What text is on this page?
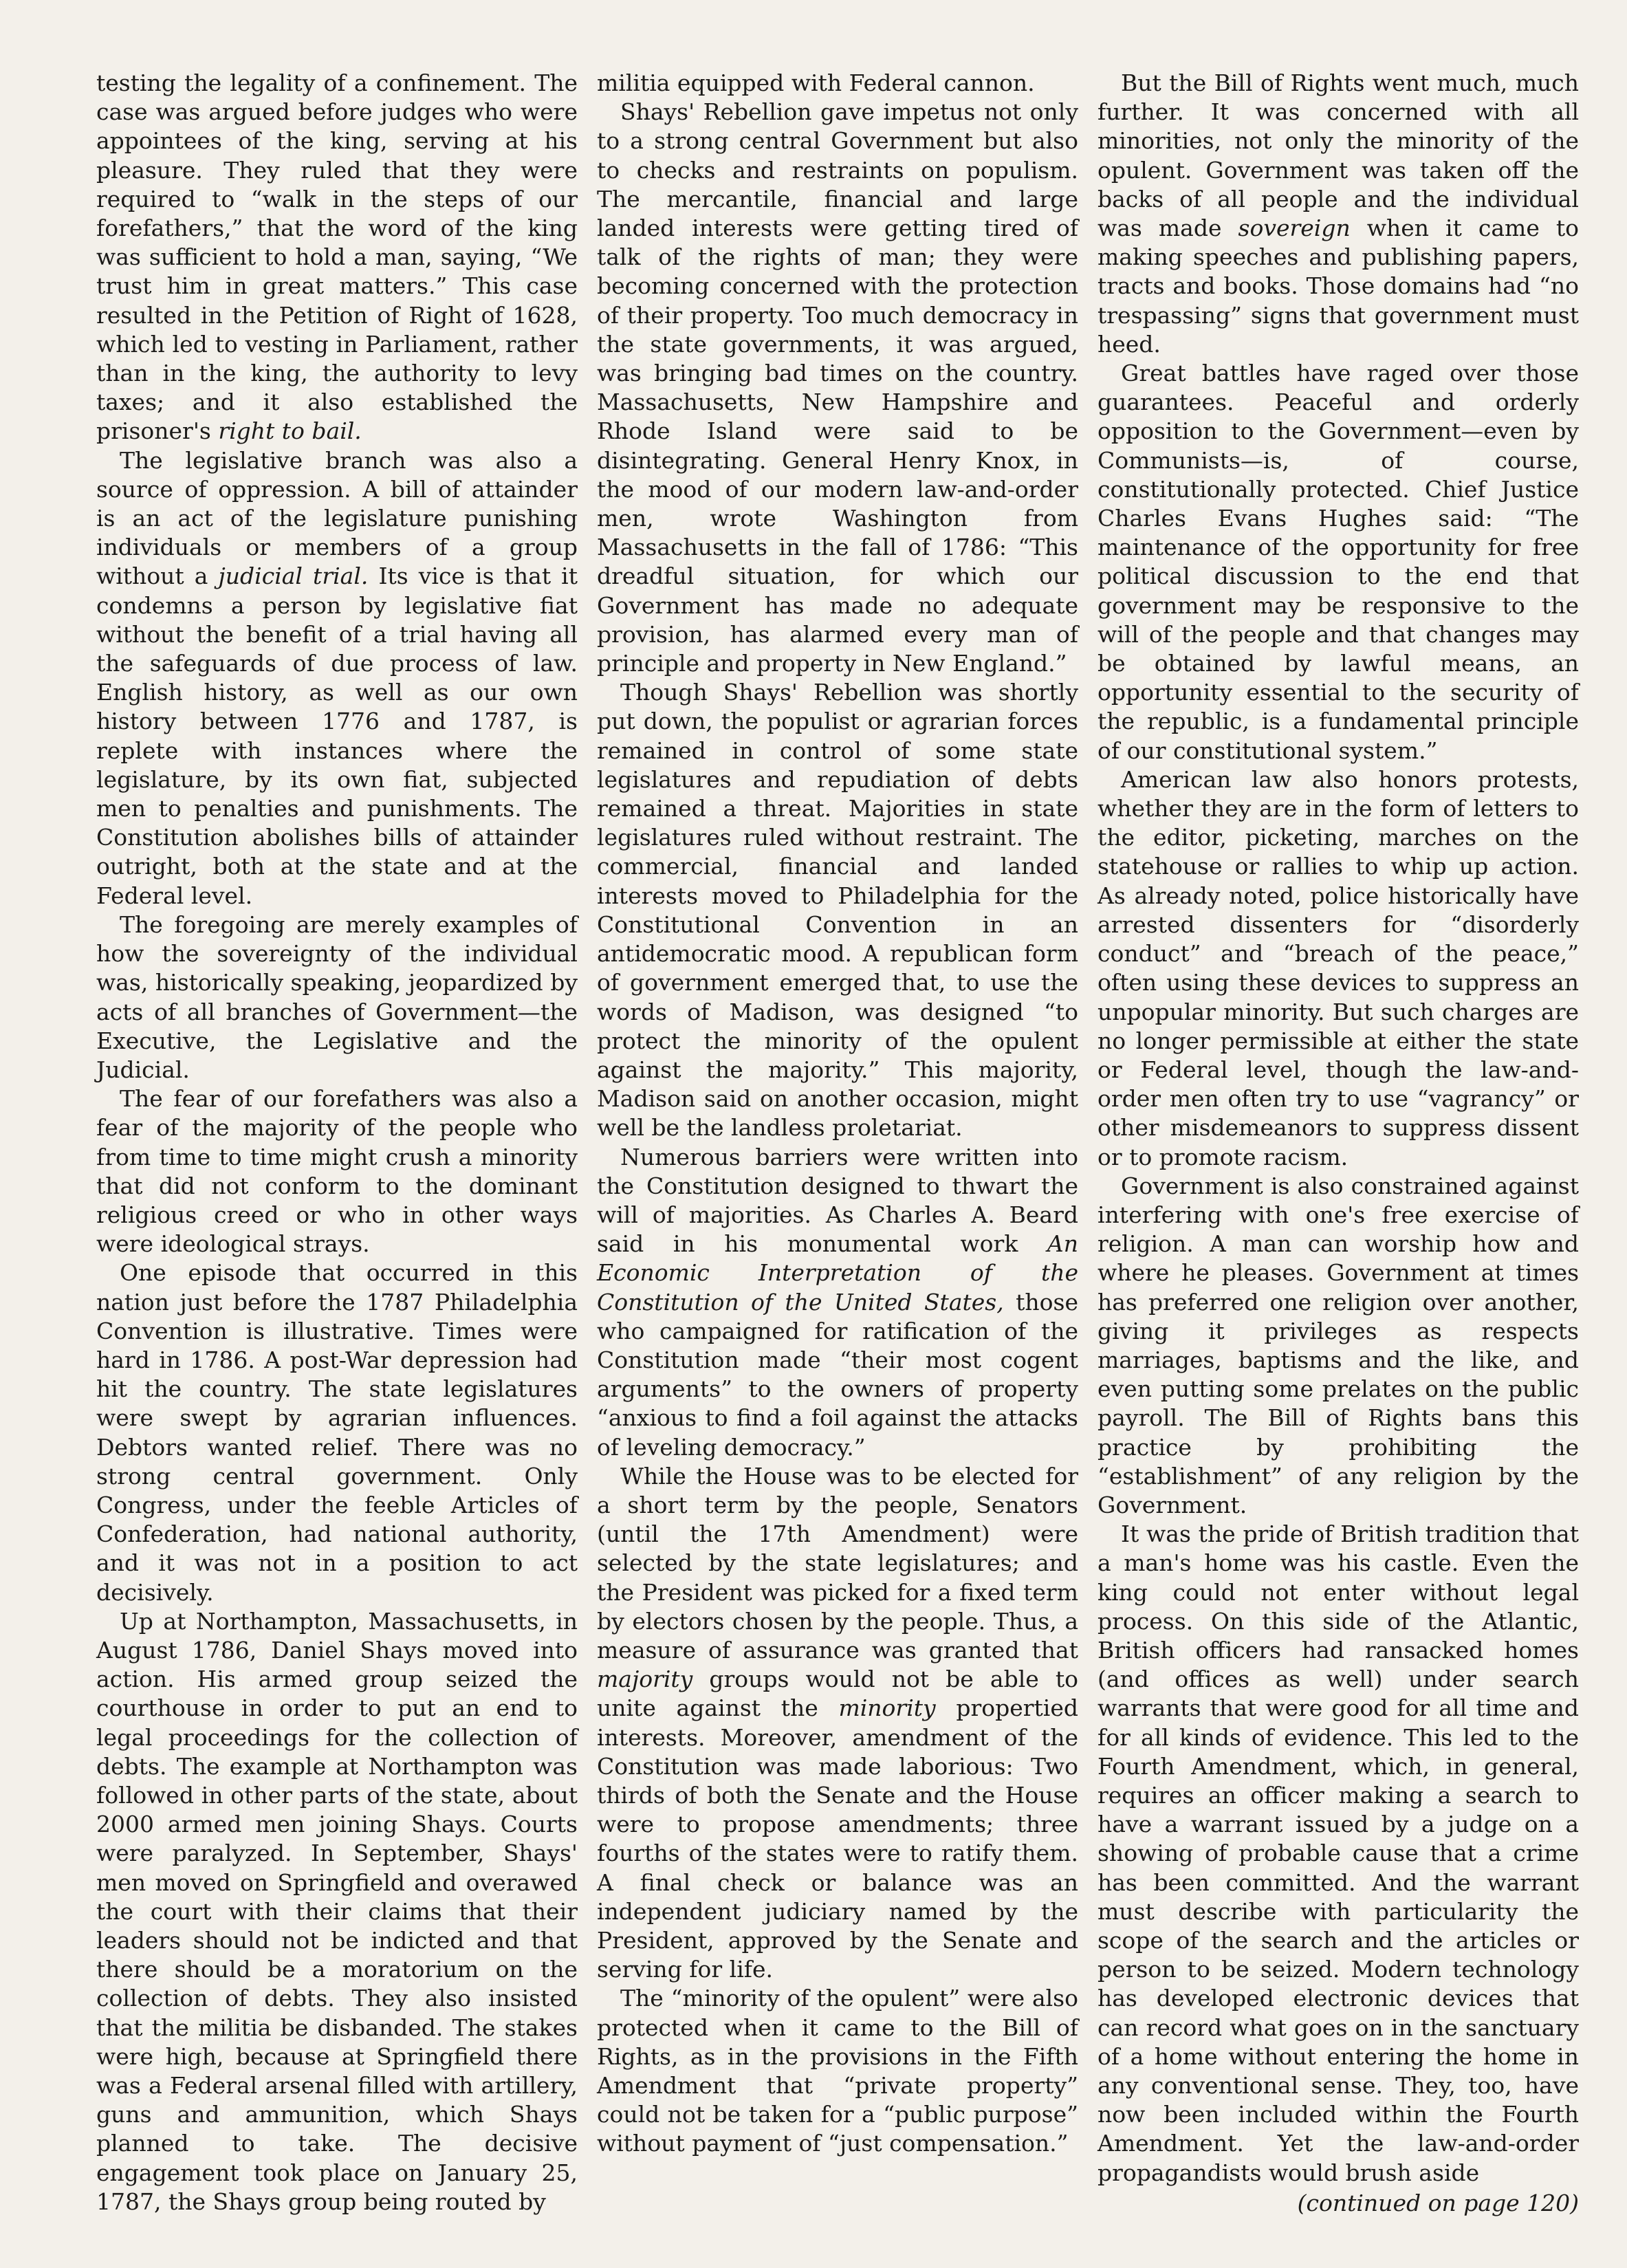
testing the legality of a confinement. The case was argued before judges who were appointees of the king, serving at his pleasure. They ruled that they were required to “walk in the steps of our forefathers,” that the word of the king was sufficient to hold a man, saying, “We trust him in great matters.” This case resulted in the Petition of Right of 1628, which led to vesting in Parliament, rather than in the king, the authority to levy taxes; and it also established the prisoner's right to bail.

The legislative branch was also a source of oppression. A bill of attainder is an act of the legislature punishing individuals or members of a group without a judicial trial. Its vice is that it condemns a person by legislative fiat without the benefit of a trial having all the safeguards of due process of law. English history, as well as our own history between 1776 and 1787, is replete with instances where the legislature, by its own fiat, subjected men to penalties and punishments. The Constitution abolishes bills of attainder outright, both at the state and at the Federal level.

The foregoing are merely examples of how the sovereignty of the individual was, historically speaking, jeopardized by acts of all branches of Government—the Executive, the Legislative and the Judicial.

The fear of our forefathers was also a fear of the majority of the people who from time to time might crush a minority that did not conform to the dominant religious creed or who in other ways were ideological strays.

One episode that occurred in this nation just before the 1787 Philadelphia Convention is illustrative. Times were hard in 1786. A post-War depression had hit the country. The state legislatures were swept by agrarian influences. Debtors wanted relief. There was no strong central government. Only Congress, under the feeble Articles of Confederation, had national authority, and it was not in a position to act decisively.

Up at Northampton, Massachusetts, in August 1786, Daniel Shays moved into action. His armed group seized the courthouse in order to put an end to legal proceedings for the collection of debts. The example at Northampton was followed in other parts of the state, about 2000 armed men joining Shays. Courts were paralyzed. In September, Shays' men moved on Springfield and overawed the court with their claims that their leaders should not be indicted and that there should be a moratorium on the collection of debts. They also insisted that the militia be disbanded. The stakes were high, because at Springfield there was a Federal arsenal filled with artillery, guns and ammunition, which Shays planned to take. The decisive engagement took place on January 25, 1787, the Shays group being routed by

militia equipped with Federal cannon.

Shays' Rebellion gave impetus not only to a strong central Government but also to checks and restraints on populism. The mercantile, financial and large landed interests were getting tired of talk of the rights of man; they were becoming concerned with the protection of their property. Too much democracy in the state governments, it was argued, was bringing bad times on the country. Massachusetts, New Hampshire and Rhode Island were said to be disintegrating. General Henry Knox, in the mood of our modern law-and-order men, wrote Washington from Massachusetts in the fall of 1786: “This dreadful situation, for which our Government has made no adequate provision, has alarmed every man of principle and property in New England.”

Though Shays' Rebellion was shortly put down, the populist or agrarian forces remained in control of some state legislatures and repudiation of debts remained a threat. Majorities in state legislatures ruled without restraint. The commercial, financial and landed interests moved to Philadelphia for the Constitutional Convention in an antidemocratic mood. A republican form of government emerged that, to use the words of Madison, was designed “to protect the minority of the opulent against the majority.” This majority, Madison said on another occasion, might well be the landless proletariat.

Numerous barriers were written into the Constitution designed to thwart the will of majorities. As Charles A. Beard said in his monumental work An Economic Interpretation of the Constitution of the United States, those who campaigned for ratification of the Constitution made “their most cogent arguments” to the owners of property “anxious to find a foil against the attacks of leveling democracy.”

While the House was to be elected for a short term by the people, Senators (until the 17th Amendment) were selected by the state legislatures; and the President was picked for a fixed term by electors chosen by the people. Thus, a measure of assurance was granted that majority groups would not be able to unite against the minority propertied interests. Moreover, amendment of the Constitution was made laborious: Two thirds of both the Senate and the House were to propose amendments; three fourths of the states were to ratify them. A final check or balance was an independent judiciary named by the President, approved by the Senate and serving for life.

The “minority of the opulent” were also protected when it came to the Bill of Rights, as in the provisions in the Fifth Amendment that “private property” could not be taken for a “public purpose” without payment of “just compensation.”

But the Bill of Rights went much, much further. It was concerned with all minorities, not only the minority of the opulent. Government was taken off the backs of all people and the individual was made sovereign when it came to making speeches and publishing papers, tracts and books. Those domains had “no trespassing” signs that government must heed.

Great battles have raged over those guarantees. Peaceful and orderly opposition to the Government—even by Communists—is, of course, constitutionally protected. Chief Justice Charles Evans Hughes said: “The maintenance of the opportunity for free political discussion to the end that government may be responsive to the will of the people and that changes may be obtained by lawful means, an opportunity essential to the security of the republic, is a fundamental principle of our constitutional system.”

American law also honors protests, whether they are in the form of letters to the editor, picketing, marches on the statehouse or rallies to whip up action. As already noted, police historically have arrested dissenters for “disorderly conduct” and “breach of the peace,” often using these devices to suppress an unpopular minority. But such charges are no longer permissible at either the state or Federal level, though the law-and-order men often try to use “vagrancy” or other misdemeanors to suppress dissent or to promote racism.

Government is also constrained against interfering with one's free exercise of religion. A man can worship how and where he pleases. Government at times has preferred one religion over another, giving it privileges as respects marriages, baptisms and the like, and even putting some prelates on the public payroll. The Bill of Rights bans this practice by prohibiting the “establishment” of any religion by the Government.

It was the pride of British tradition that a man's home was his castle. Even the king could not enter without legal process. On this side of the Atlantic, British officers had ransacked homes (and offices as well) under search warrants that were good for all time and for all kinds of evidence. This led to the Fourth Amendment, which, in general, requires an officer making a search to have a warrant issued by a judge on a showing of probable cause that a crime has been committed. And the warrant must describe with particularity the scope of the search and the articles or person to be seized. Modern technology has developed electronic devices that can record what goes on in the sanctuary of a home without entering the home in any conventional sense. They, too, have now been included within the Fourth Amendment. Yet the law-and-order propagandists would brush aside

(continued on page 120)
